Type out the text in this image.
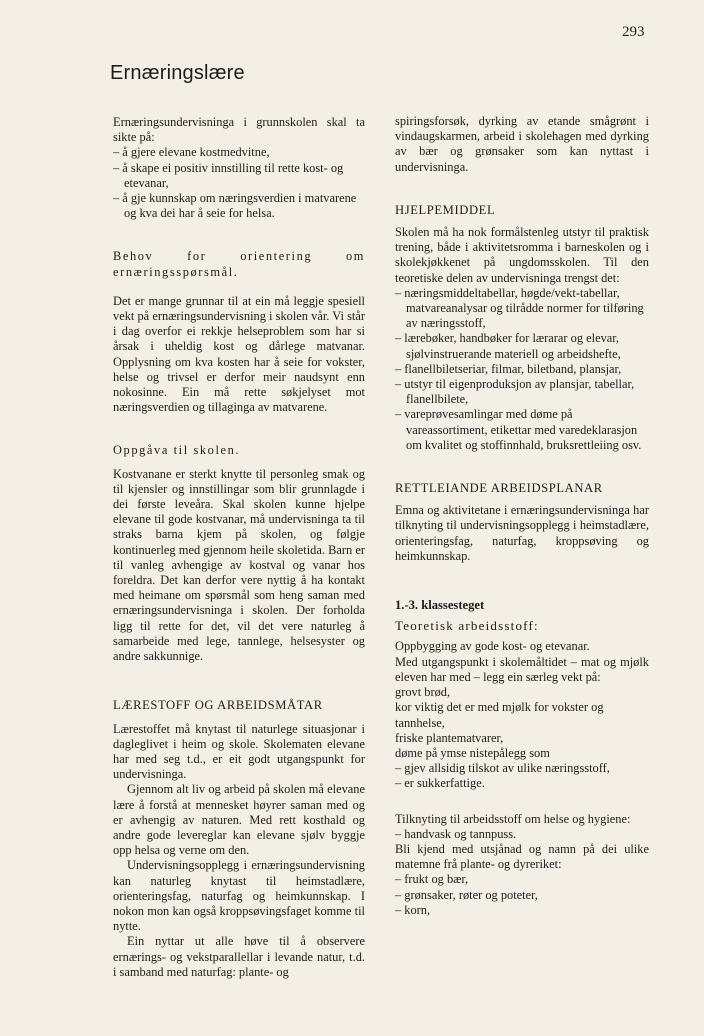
293
Ernæringslære

Ernæringsundervisninga i grunnskolen skal ta sikte på:

– å gjere elevane kostmedvitne,

– å skape ei positiv innstilling til rette kost- og etevanar,

– å gje kunnskap om næringsverdien i matvarene og kva dei har å seie for helsa.

Behov for orientering om ernæringsspørsmål.

Det er mange grunnar til at ein må leggje spesiell vekt på ernæringsundervisning i skolen vår. Vi står i dag overfor ei rekkje helseproblem som har si årsak i uheldig kost og dårlege matvanar. Opplysning om kva kosten har å seie for vokster, helse og trivsel er derfor meir naudsynt enn nokosinne. Ein må rette søkjelyset mot næringsverdien og tillaginga av matvarene.

Oppgåva til skolen.

Kostvanane er sterkt knytte til personleg smak og til kjensler og innstillingar som blir grunnlagde i dei første leveåra. Skal skolen kunne hjelpe elevane til gode kostvanar, må undervisninga ta til straks barna kjem på skolen, og følgje kontinuerleg med gjennom heile skoletida. Barn er til vanleg avhengige av kostval og vanar hos foreldra. Det kan derfor vere nyttig å ha kontakt med heimane om spørsmål som heng saman med ernæringsundervisninga i skolen. Der forholda ligg til rette for det, vil det vere naturleg å samarbeide med lege, tannlege, helsesyster og andre sakkunnige.

LÆRESTOFF OG ARBEIDSMÅTAR

Lærestoffet må knytast til naturlege situasjonar i dagleglivet i heim og skole. Skolematen elevane har med seg t.d., er eit godt utgangspunkt for undervisninga.

Gjennom alt liv og arbeid på skolen må elevane lære å forstå at mennesket høyrer saman med og er avhengig av naturen. Med rett kosthald og andre gode levereglar kan elevane sjølv byggje opp helsa og verne om den.

Undervisningsopplegg i ernæringsundervisning kan naturleg knytast til heimstadlære, orienteringsfag, naturfag og heimkunnskap. I nokon mon kan også kroppsøvingsfaget komme til nytte.

Ein nyttar ut alle høve til å observere ernærings- og vekstparallellar i levande natur, t.d. i samband med naturfag: plante- og

spiringsforsøk, dyrking av etande smågrønt i vindaugskarmen, arbeid i skolehagen med dyrking av bær og grønsaker som kan nyttast i undervisninga.

HJELPEMIDDEL

Skolen må ha nok formålstenleg utstyr til praktisk trening, både i aktivitetsromma i barneskolen og i skolekjøkkenet på ungdomsskolen. Til den teoretiske delen av undervisninga trengst det:

– næringsmiddeltabellar, høgde/vekt-tabellar, matvareanalysar og tilrådde normer for tilføring av næringsstoff,

– lærebøker, handbøker for lærarar og elevar, sjølvinstruerande materiell og arbeidshefte,

– flanellbiletseriar, filmar, biletband, plansjar,

– utstyr til eigenproduksjon av plansjar, tabellar, flanellbilete,

– vareprøvesamlingar med døme på vareassortiment, etikettar med varedeklarasjon om kvalitet og stoffinnhald, bruksrettleiing osv.

RETTLEIANDE ARBEIDSPLANAR

Emna og aktivitetane i ernæringsundervisninga har tilknyting til undervisningsopplegg i heimstadlære, orienteringsfag, naturfag, kroppsøving og heimkunnskap.

1.-3. klassesteget

Teoretisk arbeidsstoff:

Oppbygging av gode kost- og etevanar.

Med utgangspunkt i skolemåltidet – mat og mjølk eleven har med – legg ein særleg vekt på:

grovt brød,

kor viktig det er med mjølk for vokster og tannhelse,

friske plantematvarer,

døme på ymse nistepålegg som

– gjev allsidig tilskot av ulike næringsstoff,

– er sukkerfattige.

Tilknyting til arbeidsstoff om helse og hygiene:

– handvask og tannpuss.

Bli kjend med utsjånad og namn på dei ulike matemne frå plante- og dyreriket:

– frukt og bær,

– grønsaker, røter og poteter,

– korn,
